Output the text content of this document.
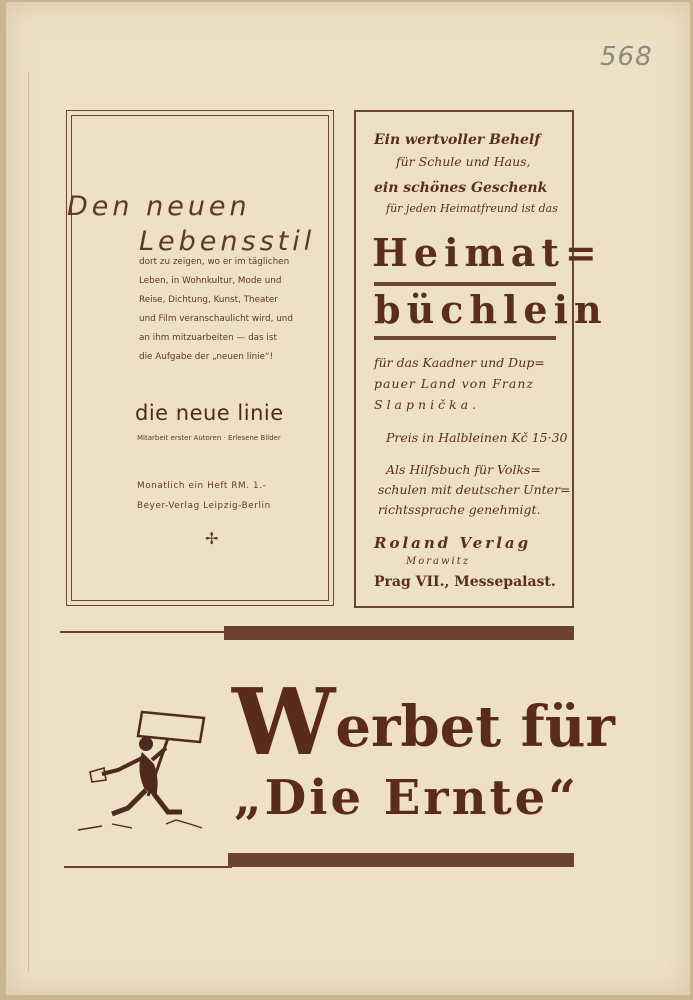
568
Den neuen
Lebensstil
dort zu zeigen, wo er im täglichen
Leben, in Wohnkultur, Mode und
Reise, Dichtung, Kunst, Theater
und Film veranschaulicht wird, und
an ihm mitzuarbeiten — das ist
die Aufgabe der „neuen linie“!
die neue linie
Mitarbeit erster Autoren · Erlesene Bilder
Monatlich ein Heft RM. 1.-
Beyer-Verlag Leipzig-Berlin
✢
Ein wertvoller Behelf
für Schule und Haus,
ein schönes Geschenk
für jeden Heimatfreund ist das
Heimat=
büchlein
für das Kaadner und Dup=
pauer Land von Franz
Slapnička.
Preis in Halbleinen Kč 15·30
Als Hilfsbuch für Volks=
schulen mit deutscher Unter=
richtssprache genehmigt.
Roland Verlag
Morawitz
Prag VII., Messepalast.
Werbet für
„Die Ernte“
